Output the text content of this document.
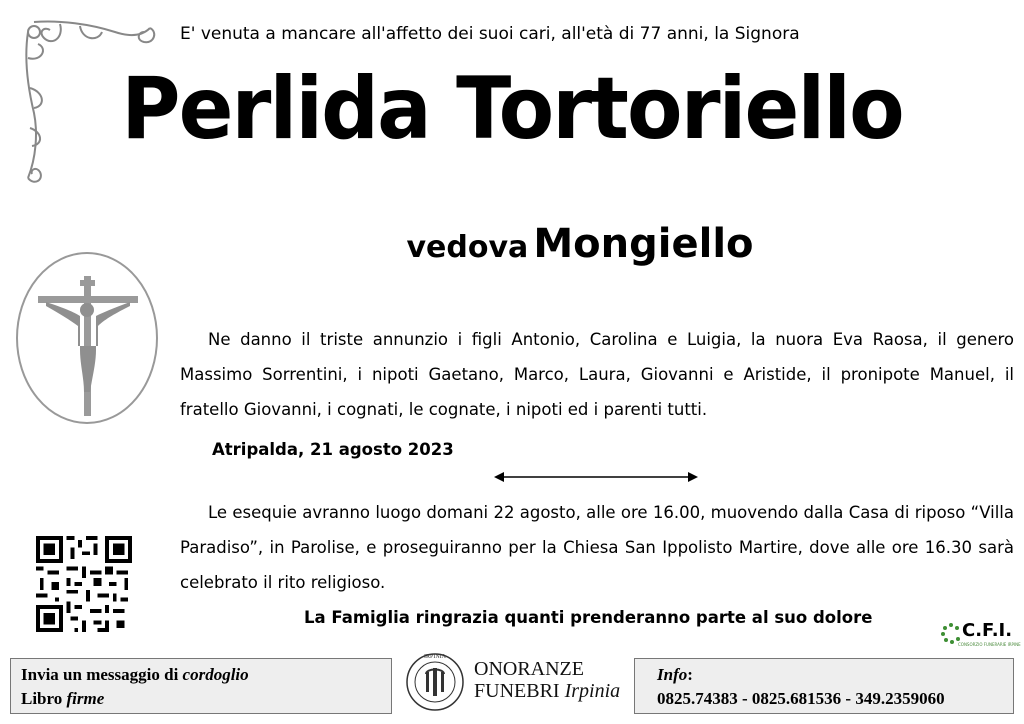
E' venuta a mancare all'affetto dei suoi cari, all'età di 77 anni, la Signora
Perlida Tortoriello
vedova Mongiello
Ne danno il triste annunzio i figli Antonio, Carolina e Luigia, la nuora Eva Raosa, il genero Massimo Sorrentini, i nipoti Gaetano, Marco, Laura, Giovanni e Aristide, il pronipote Manuel, il fratello Giovanni, i cognati, le cognate, i nipoti ed i parenti tutti.
Atripalda, 21 agosto 2023
Le esequie avranno luogo domani 22 agosto, alle ore 16.00, muovendo dalla Casa di riposo “Villa Paradiso”, in Parolise, e proseguiranno per la Chiesa San Ippolisto Martire, dove alle ore 16.30 sarà celebrato il rito religioso.
La Famiglia ringrazia quanti prenderanno parte al suo dolore
C.F.I.
CONSORZIO FUNERARIE IRPINE
Invia un messaggio di cordoglio
Libro firme
IRPINIA
ONORANZE
FUNEBRI Irpinia
Info:
0825.74383 - 0825.681536 - 349.2359060
